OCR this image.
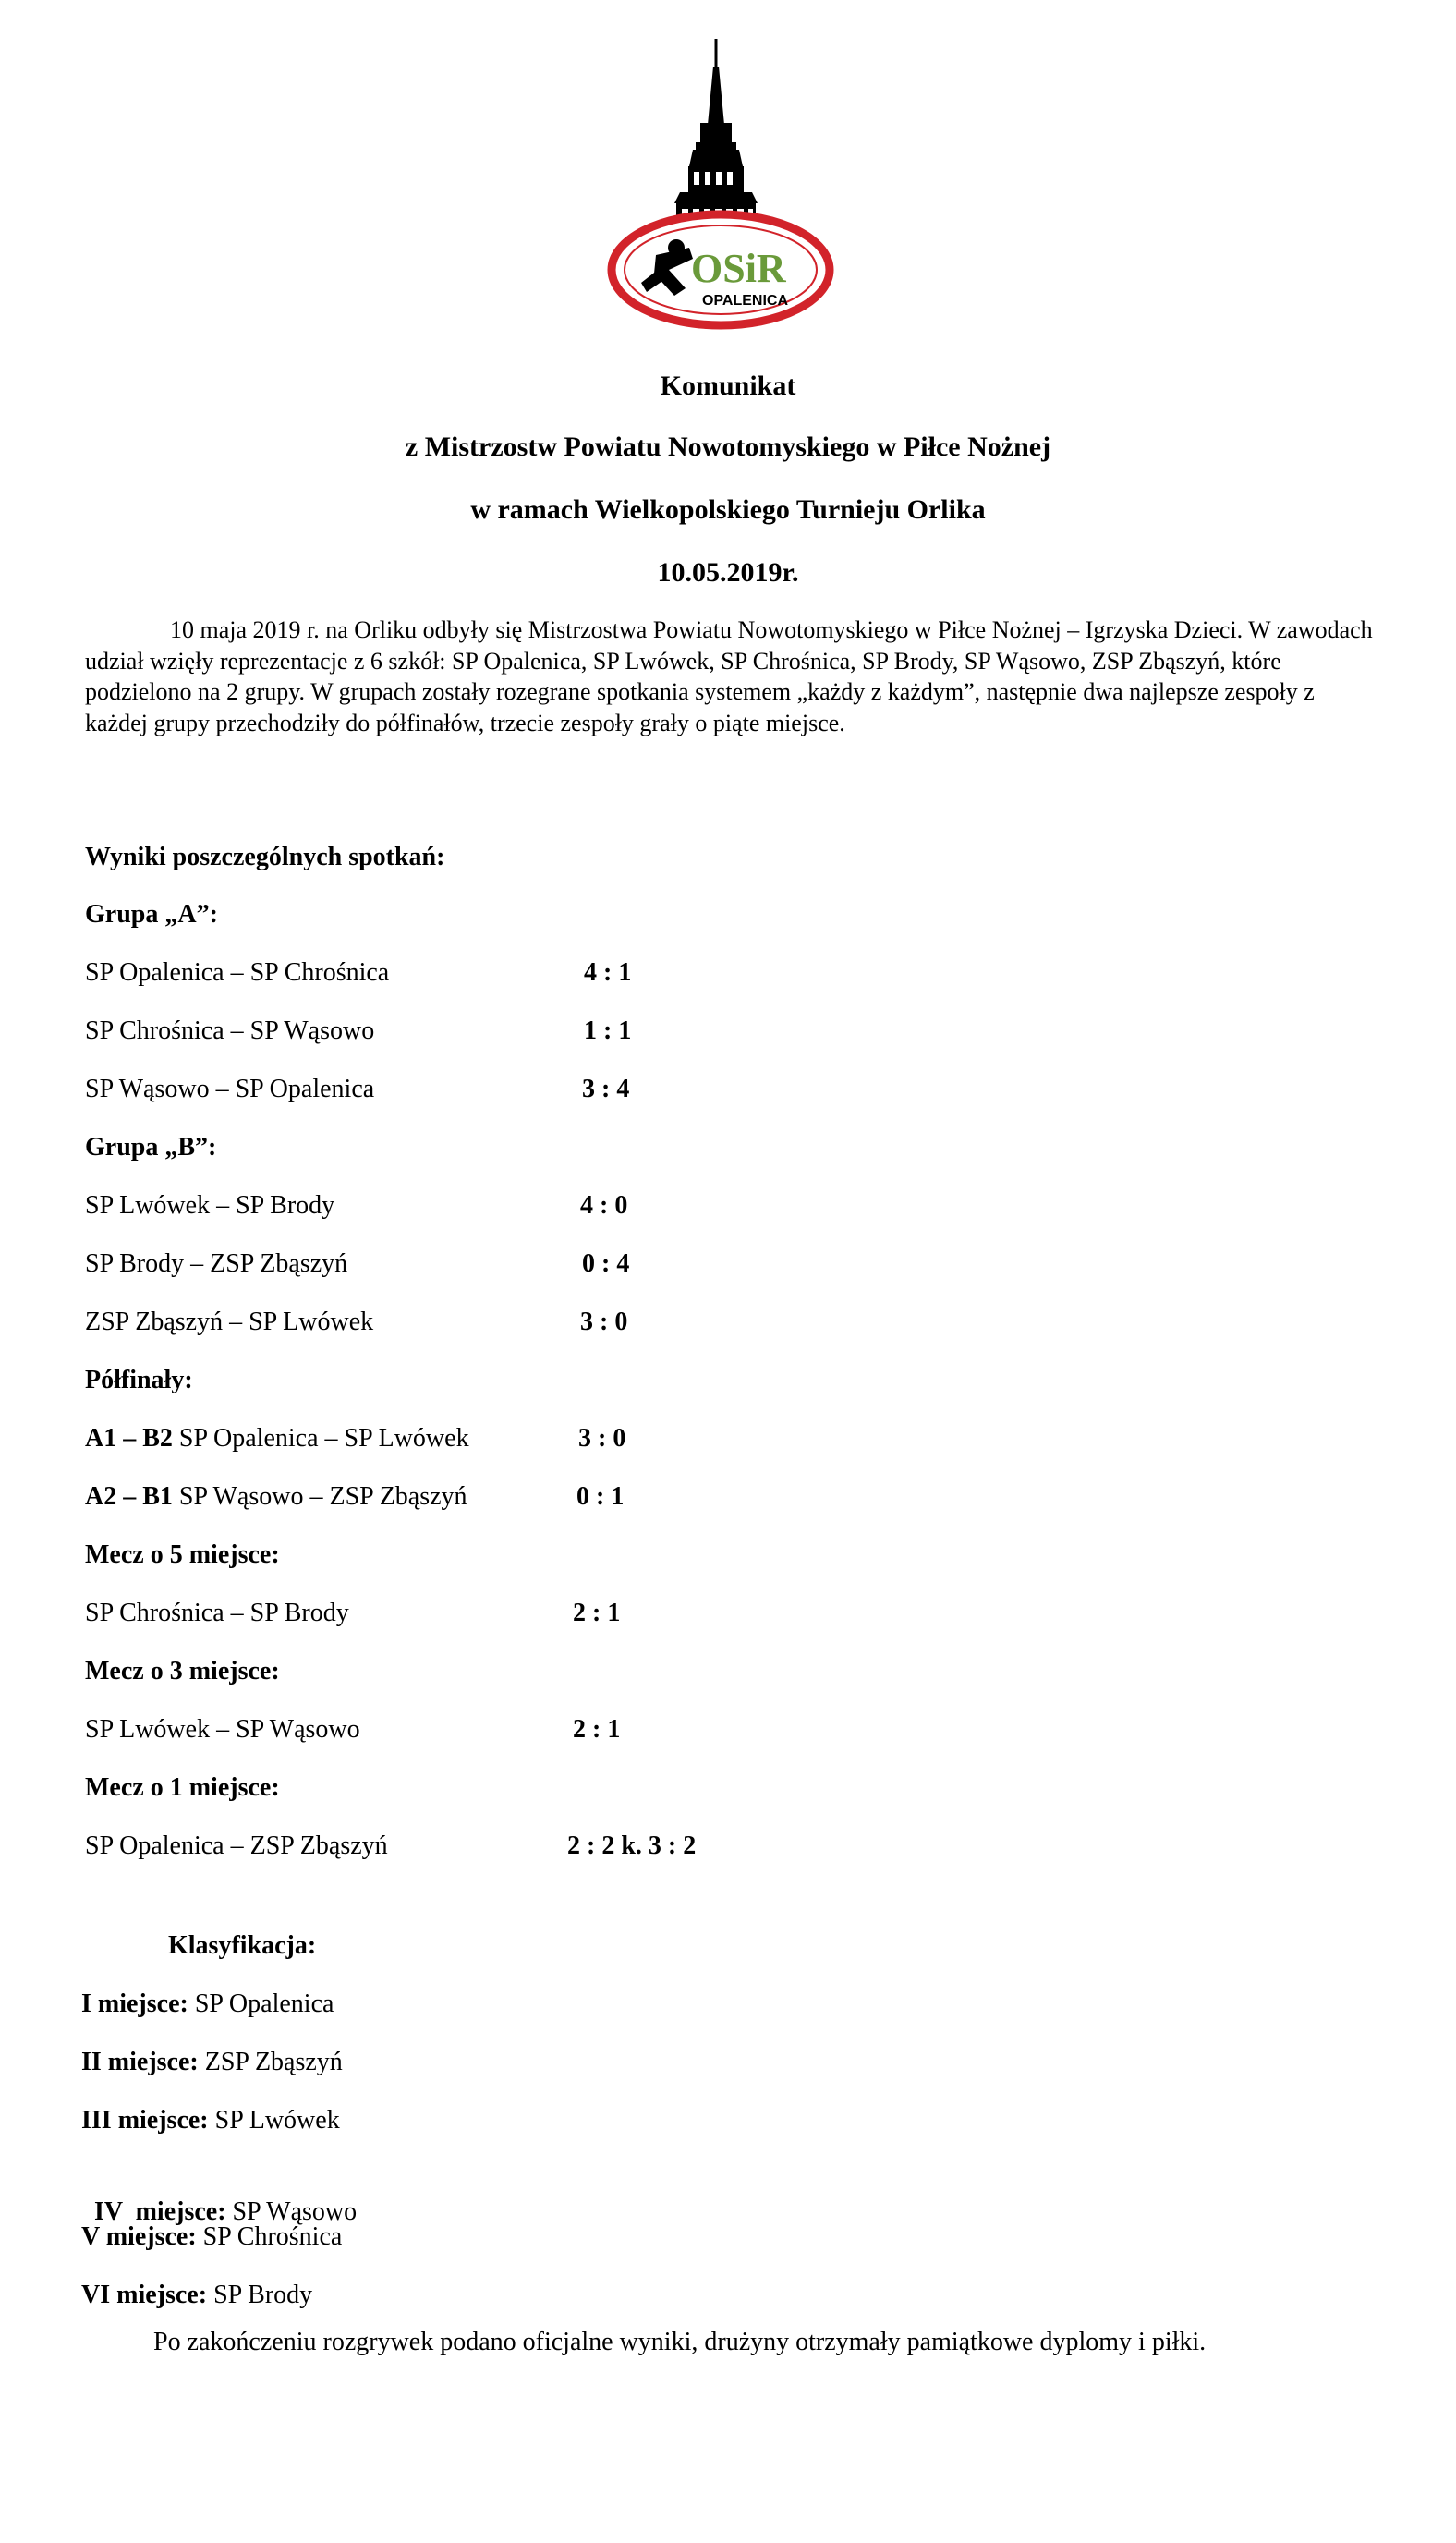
OSiR
OPALENICA
Komunikat
z Mistrzostw Powiatu Nowotomyskiego w Piłce Nożnej
w ramach Wielkopolskiego Turnieju Orlika
10.05.2019r.
10 maja 2019 r. na Orliku odbyły się Mistrzostwa Powiatu Nowotomyskiego w Piłce Nożnej – Igrzyska Dzieci. W zawodach udział wzięły reprezentacje z 6 szkół: SP Opalenica, SP Lwówek, SP Chrośnica, SP Brody, SP Wąsowo, ZSP Zbąszyń, które podzielono na 2 grupy. W grupach zostały rozegrane spotkania systemem „każdy z każdym”, następnie dwa najlepsze zespoły z każdej grupy przechodziły do półfinałów, trzecie zespoły grały o piąte miejsce.
Wyniki poszczególnych spotkań:
Grupa „A”:
SP Opalenica – SP Chrośnica	4 : 1
SP Chrośnica – SP Wąsowo	1 : 1
SP Wąsowo – SP Opalenica	3 : 4
Grupa „B”:
SP Lwówek – SP Brody	4 : 0
SP Brody – ZSP Zbąszyń	0 : 4
ZSP Zbąszyń – SP Lwówek	3 : 0
Półfinały:
A1 – B2 SP Opalenica – SP Lwówek	3 : 0
A2 – B1 SP Wąsowo – ZSP Zbąszyń	0 : 1
Mecz o 5 miejsce:
SP Chrośnica – SP Brody	2 : 1
Mecz o 3 miejsce:
SP Lwówek – SP Wąsowo	2 : 1
Mecz o 1 miejsce:
SP Opalenica – ZSP Zbąszyń	2 : 2 k. 3 : 2
Klasyfikacja:
I miejsce: SP Opalenica
II miejsce: ZSP Zbąszyń
III miejsce: SP Lwówek

IV  miejsce: SP Wąsowo

V miejsce: SP Chrośnica
VI miejsce: SP Brody
Po zakończeniu rozgrywek podano oficjalne wyniki, drużyny otrzymały pamiątkowe dyplomy i piłki.
